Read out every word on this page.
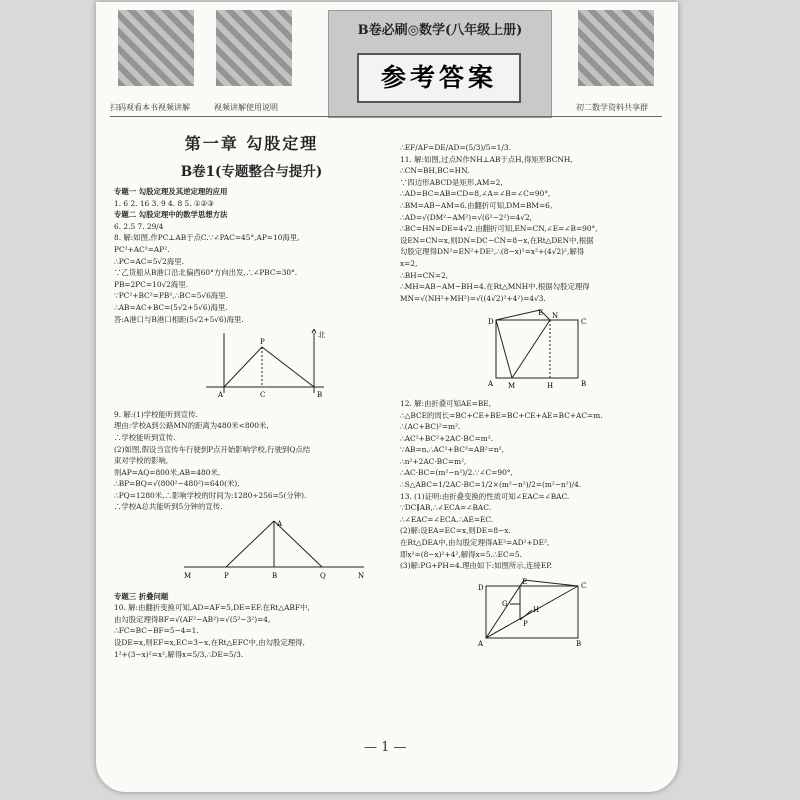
扫码观看本书视频讲解	视频讲解使用说明	初二数学资料共享群
B卷必刷◎数学(八年级上册)
参考答案
第一章 勾股定理
B卷1(专题整合与提升)

专题一 勾股定理及其逆定理的应用

1. 6 2. 16 3. 9 4. 8 5. ①②③

专题二 勾股定理中的数学思想方法

6. 2.5 7. 29/4

8. 解:如图,作PC⊥AB于点C.∵∠PAC=45°,AP=10海里,

PC²+AC²=AP².

∴PC=AC=5√2海里.

∵乙货船从B港口沿北偏西60°方向出发,∴∠PBC=30°.

PB=2PC=10√2海里.

∵PC²+BC²=PB²,∴BC=5√6海里.

∴AB=AC+BC=(5√2+5√6)海里.

答:A港口与B港口相距(5√2+5√6)海里.

A	C	B
P
北

9. 解:(1)学校能听到宣传.

理由:学校A到公路MN的距离为480米<800米,

∴学校能听到宣传.

(2)如图,假设当宣传车行驶到P点开始影响学校,行驶到Q点结

束对学校的影响,

则AP=AQ=800米,AB=480米,

∴BP=BQ=√(800²−480²)=640(米),

∴PQ=1280米,∴影响学校的时间为:1280÷256=5(分钟).

∴学校A总共能听到5分钟的宣传.

M	P	B	Q	N
A

专题三 折叠问题

10. 解:由翻折变换可知,AD=AF=5,DE=EF.在Rt△ABF中,

由勾股定理得BF=√(AF²−AB²)=√(5²−3²)=4,

∴FC=BC−BF=5−4=1.

设DE=x,则EF=x,EC=3−x,在Rt△EFC中,由勾股定理得,

1²+(3−x)²=x²,解得x=5/3,∴DE=5/3.

∴EF/AF=DE/AD=(5/3)/5=1/3.

11. 解:如图,过点N作NH⊥AB于点H,得矩形BCNH,

∴CN=BH,BC=HN.

∵四边形ABCD是矩形,AM=2,

∴AD=BC=AB=CD=8,∠A=∠B=∠C=90°,

∴BM=AB−AM=6.由翻折可知,DM=BM=6,

∴AD=√(DM²−AM²)=√(6²−2²)=4√2,

∴BC=HN=DE=4√2.由翻折可知,EN=CN,∠E=∠B=90°,

设EN=CN=x,则DN=DC−CN=8−x,在Rt△DEN中,根据

勾股定理得DN²=EN²+DE²,∴(8−x)²=x²+(4√2)²,解得

x=2,

∴BH=CN=2,

∴MH=AB−AM−BH=4.在Rt△MNH中,根据勾股定理得

MN=√(NH²+MH²)=√((4√2)²+4²)=4√3.

D
N
C
E
A M	H	B

12. 解:由折叠可知AE=BE,

∴△BCE的周长=BC+CE+BE=BC+CE+AE=BC+AC=m.

∴(AC+BC)²=m².

∴AC²+BC²+2AC·BC=m².

∵AB=n,∴AC²+BC²=AB²=n²,

∴n²+2AC·BC=m²,

∴AC·BC=(m²−n²)/2.∵∠C=90°,

∴S△ABC=1/2AC·BC=1/2×(m²−n²)/2=(m²−n²)/4.

13. (1)证明:由折叠变换的性质可知∠EAC=∠BAC.

∵DC∥AB,∴∠ECA=∠BAC.

∴∠EAC=∠ECA.∴AE=EC.

(2)解:设EA=EC=x,则DE=8−x.

在Rt△DEA中,由勾股定理得AE²=AD²+DE²,

即x²=(8−x)²+4²,解得x=5.∴EC=5.

(3)解:PG+PH=4.理由如下:如图所示,连接EP.

D
E	C
G
P
H
A	B
— 1 —
